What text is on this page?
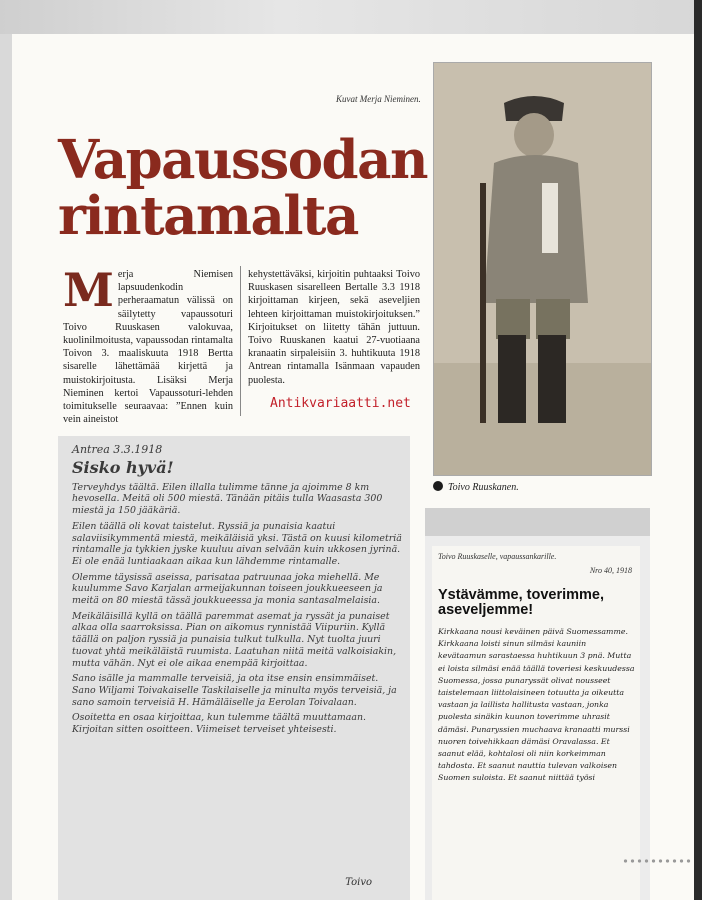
Kuvat Merja Nieminen.
Vapaussodan
rintamalta
Merja Niemisen lapsuudenkodin perheraamatun välissä on säilytetty vapaussoturi Toivo Ruuskasen valokuvaa, kuolinilmoitusta, vapaussodan rintamalta Toivon 3. maaliskuuta 1918 Bertta sisarelle lähettämää kirjettä ja muistokirjoitusta. Lisäksi Merja Nieminen kertoi Vapaussoturi-lehden toimitukselle seuraavaa: ”Ennen kuin vein aineistot
kehystettäväksi, kirjoitin puhtaaksi Toivo Ruuskasen sisarelleen Bertalle 3.3 1918 kirjoittaman kirjeen, sekä aseveljien lehteen kirjoittaman muistokirjoituksen.” Kirjoitukset on liitetty tähän juttuun. Toivo Ruuskanen kaatui 27-vuotiaana kranaatin sirpaleisiin 3. huhtikuuta 1918 Antrean rintamalla Isänmaan vapauden puolesta.
Toivo Ruuskanen.
Antikvariaatti.net
Antrea 3.3.1918
Sisko hyvä!

Terveyhdys täältä. Eilen illalla tulimme tänne ja ajoimme 8 km hevosella. Meitä oli 500 miestä. Tänään pitäis tulla Waasasta 300 miestä ja 150 jääkäriä.

Eilen täällä oli kovat taistelut. Ryssiä ja punaisia kaatui salaviisikymmentä miestä, meikäläisiä yksi. Tästä on kuusi kilometriä rintamalle ja tykkien jyske kuuluu aivan selvään kuin ukkosen jyrinä. Ei ole enää luntiaakaan aikaa kun lähdemme rintamalle.

Olemme täysissä aseissa, parisataa patruunaa joka miehellä. Me kuulumme Savo Karjalan armeijakunnan toiseen joukkueeseen ja meitä on 80 miestä tässä joukkueessa ja monia santasalmelaisia.

Meikäläisillä kyllä on täällä paremmat asemat ja ryssät ja punaiset alkaa olla saarroksissa. Pian on aikomus rynnistää Viipuriin. Kyllä täällä on paljon ryssiä ja punaisia tulkut tulkulla. Nyt tuolta juuri tuovat yhtä meikäläistä ruumista. Laatuhan niitä meitä valkoisiakin, mutta vähän. Nyt ei ole aikaa enempää kirjoittaa.

Sano isälle ja mammalle terveisiä, ja ota itse ensin ensimmäiset. Sano Wiljami Toivakaiselle Taskilaiselle ja minulta myös terveisiä, ja sano samoin terveisiä H. Hämäläiselle ja Eerolan Toivalaan.

Osoitetta en osaa kirjoittaa, kun tulemme täältä muuttamaan. Kirjoitan sitten osoitteen. Viimeiset terveiset yhteisesti.

Toivo
Toivo Ruuskaselle, vapaussankarille.
Nro 40, 1918
Ystävämme, toverimme, aseveljemme!
Kirkkaana nousi keväinen päivä Suomessamme. Kirkkaana loisti sinun silmäsi kauniin kevätaamun sarastaessa huhtikuun 3 pnä. Mutta ei loista silmäsi enää täällä toveriesi keskuudessa Suomessa, jossa punaryssät olivat nousseet taistelemaan liittolaisineen totuutta ja oikeutta vastaan ja laillista hallitusta vastaan, jonka puolesta sinäkin kuunon toverimme uhrasit dämäsi. Punaryssien muchaava kranaatti murssi nuoren toivehikkaan dämäsi Oravalassa. Et saanut elää, kohtalosi oli niin korkeimman tahdosta. Et saanut nauttia tulevan valkoisen Suomen suloista. Et saanut niittää työsi
